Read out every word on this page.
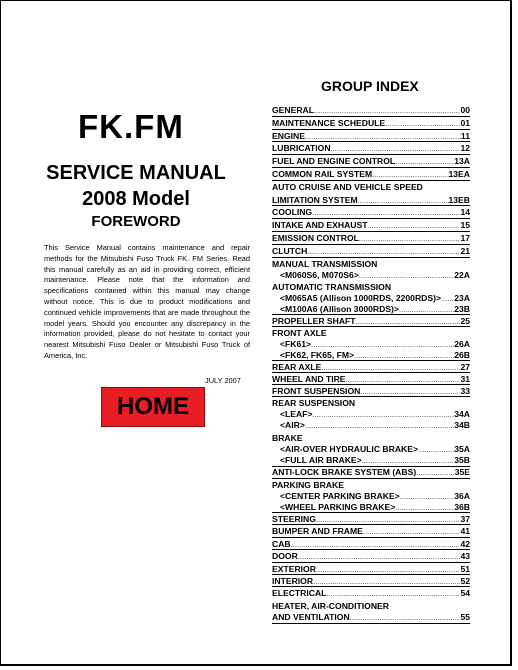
FK.FM
SERVICE MANUAL
2008 Model
FOREWORD
This Service Manual contains maintenance and repair methods for the Mitsubishi Fuso Truck FK. FM Series. Read this manual carefully as an aid in providing correct, efficient maintenance. Please note that the information and specifications contained within this manual may change without notice. This is due to product modifications and continued vehicle improvements that are made throughout the model years. Should you encounter any discrepancy in the information provided, please do not hesitate to contact your nearest Mitsubishi Fuso Dealer or Mitsubishi Fuso Truck of America, Inc.
JULY 2007
HOME
GROUP INDEX
GENERAL .....	00
MAINTENANCE SCHEDULE .....	01
ENGINE .....	11
LUBRICATION .....	12
FUEL AND ENGINE CONTROL .....	13A
COMMON RAIL SYSTEM .....	13EA
AUTO CRUISE AND VEHICLE SPEED
LIMITATION SYSTEM .....	13EB
COOLING .....	14
INTAKE AND EXHAUST .....	15
EMISSION CONTROL .....	17
CLUTCH .....	21
MANUAL TRANSMISSION
<M060S6, M070S6> .....	22A
AUTOMATIC TRANSMISSION
<M065A5 (Allison 1000RDS, 2200RDS)> ..... 23A
<M100A6 (Allison 3000RDS)> .....	23B
PROPELLER SHAFT .....	25
FRONT AXLE
<FK61> .....	26A
<FK62, FK65, FM> .....	26B
REAR AXLE .....	27
WHEEL AND TIRE .....	31
FRONT SUSPENSION .....	33
REAR SUSPENSION
<LEAF> .....	34A
<AIR> .....	34B
BRAKE
<AIR-OVER HYDRAULIC BRAKE> .....	35A
<FULL AIR BRAKE> .....	35B
ANTI-LOCK BRAKE SYSTEM (ABS) .....	35E
PARKING BRAKE
<CENTER PARKING BRAKE> .....	36A
<WHEEL PARKING BRAKE> .....	36B
STEERING .....	37
BUMPER AND FRAME .....	41
CAB .....	42
DOOR .....	43
EXTERIOR .....	51
INTERIOR .....	52
ELECTRICAL .....	54
HEATER, AIR-CONDITIONER
AND VENTILATION .....	55
